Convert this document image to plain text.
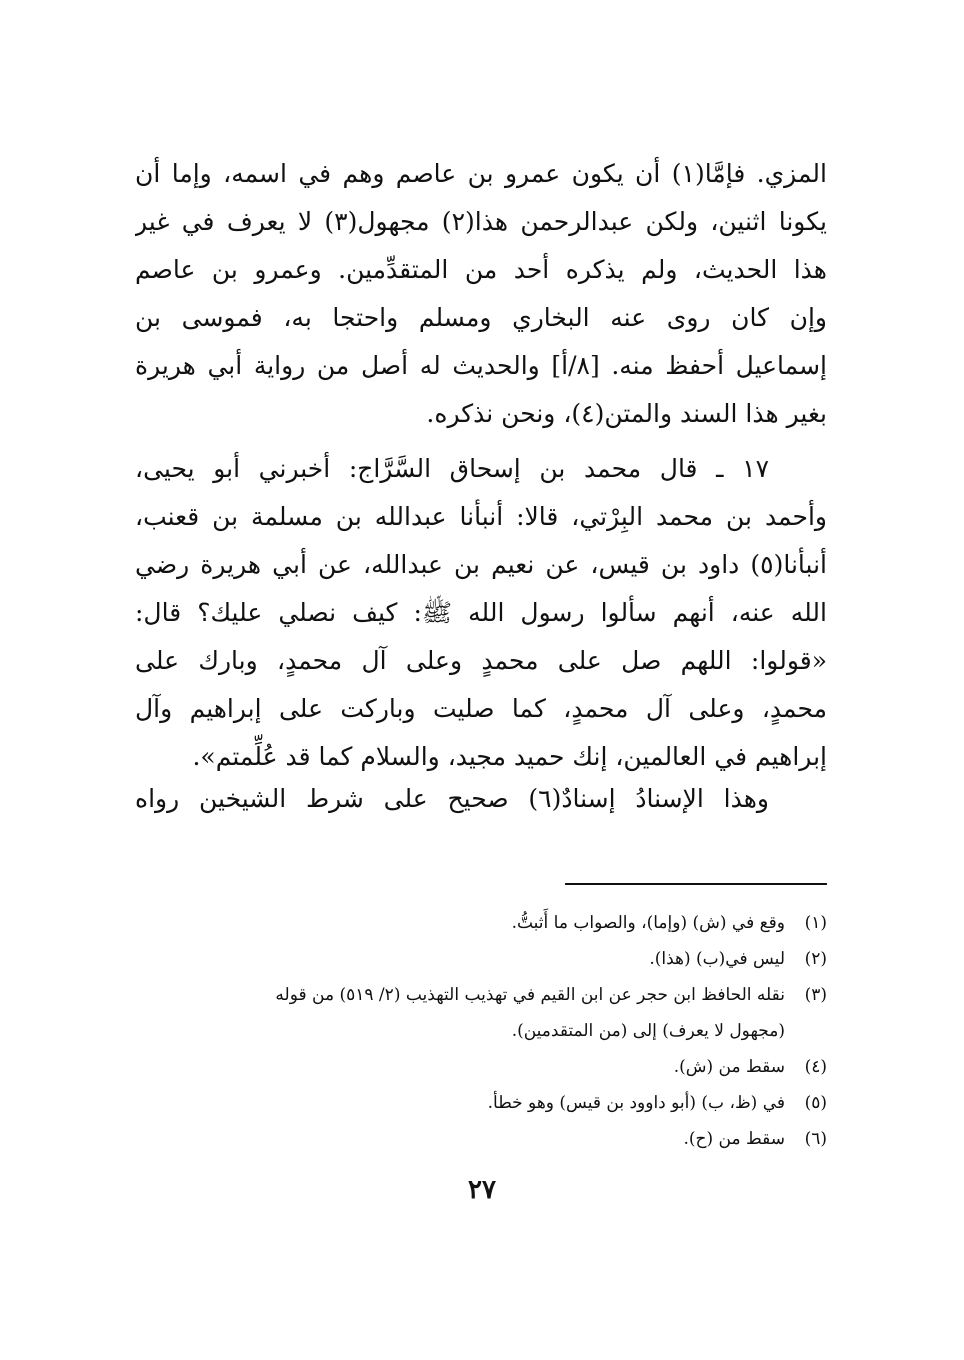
المزي. فإمَّا(١) أن يكون عمرو بن عاصم وهم في اسمه، وإما أن
يكونا اثنين، ولكن عبدالرحمن هذا(٢) مجهول(٣) لا يعرف في غير
هذا الحديث، ولم يذكره أحد من المتقدِّمين. وعمرو بن عاصم
وإن كان روى عنه البخاري ومسلم واحتجا به، فموسى بن
إسماعيل أحفظ منه. [٨/أ] والحديث له أصل من رواية أبي هريرة
بغير هذا السند والمتن(٤)، ونحن نذكره.
١٧ ـ قال محمد بن إسحاق السَّرَّاج: أخبرني أبو يحيى،
وأحمد بن محمد البِرْتي، قالا: أنبأنا عبدالله بن مسلمة بن قعنب،
أنبأنا(٥) داود بن قيس، عن نعيم بن عبدالله، عن أبي هريرة رضي
الله عنه، أنهم سألوا رسول الله ﷺ: كيف نصلي عليك؟ قال:
«قولوا: اللهم صل على محمدٍ وعلى آل محمدٍ، وبارك على
محمدٍ، وعلى آل محمدٍ، كما صليت وباركت على إبراهيم وآل
إبراهيم في العالمين، إنك حميد مجيد، والسلام كما قد عُلِّمتم».
وهذا الإسنادُ إسنادٌ(٦) صحيح على شرط الشيخين رواه
(١)وقع في (ش) (وإما)، والصواب ما أَثبتُّ.
(٢)ليس في(ب) (هذا).
(٣)نقله الحافظ ابن حجر عن ابن القيم في تهذيب التهذيب (٢/ ٥١٩) من قوله
(مجهول لا يعرف) إلى (من المتقدمين).
(٤)سقط من (ش).
(٥)في (ظ، ب) (أبو داوود بن قيس) وهو خطأ.
(٦)سقط من (ح).
٢٧
